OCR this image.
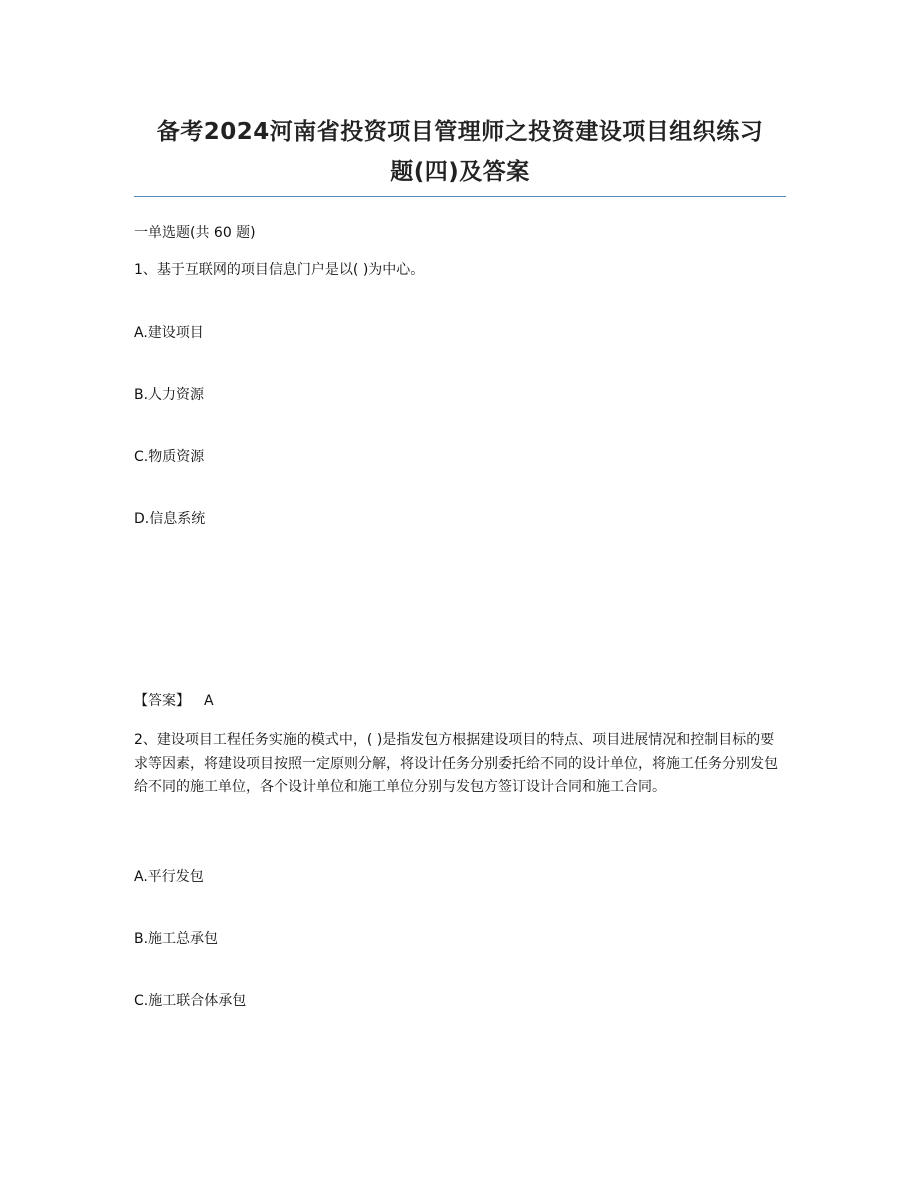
备考2024河南省投资项目管理师之投资建设项目组织练习
题(四)及答案
一单选题(共 60 题)
1、基于互联网的项目信息门户是以( )为中心。
A.建设项目
B.人力资源
C.物质资源
D.信息系统
【答案】 A
2、建设项目工程任务实施的模式中，( )是指发包方根据建设项目的特点、项目进展情况和控制目标的要求等因素，将建设项目按照一定原则分解，将设计任务分别委托给不同的设计单位，将施工任务分别发包给不同的施工单位，各个设计单位和施工单位分别与发包方签订设计合同和施工合同。
A.平行发包
B.施工总承包
C.施工联合体承包
